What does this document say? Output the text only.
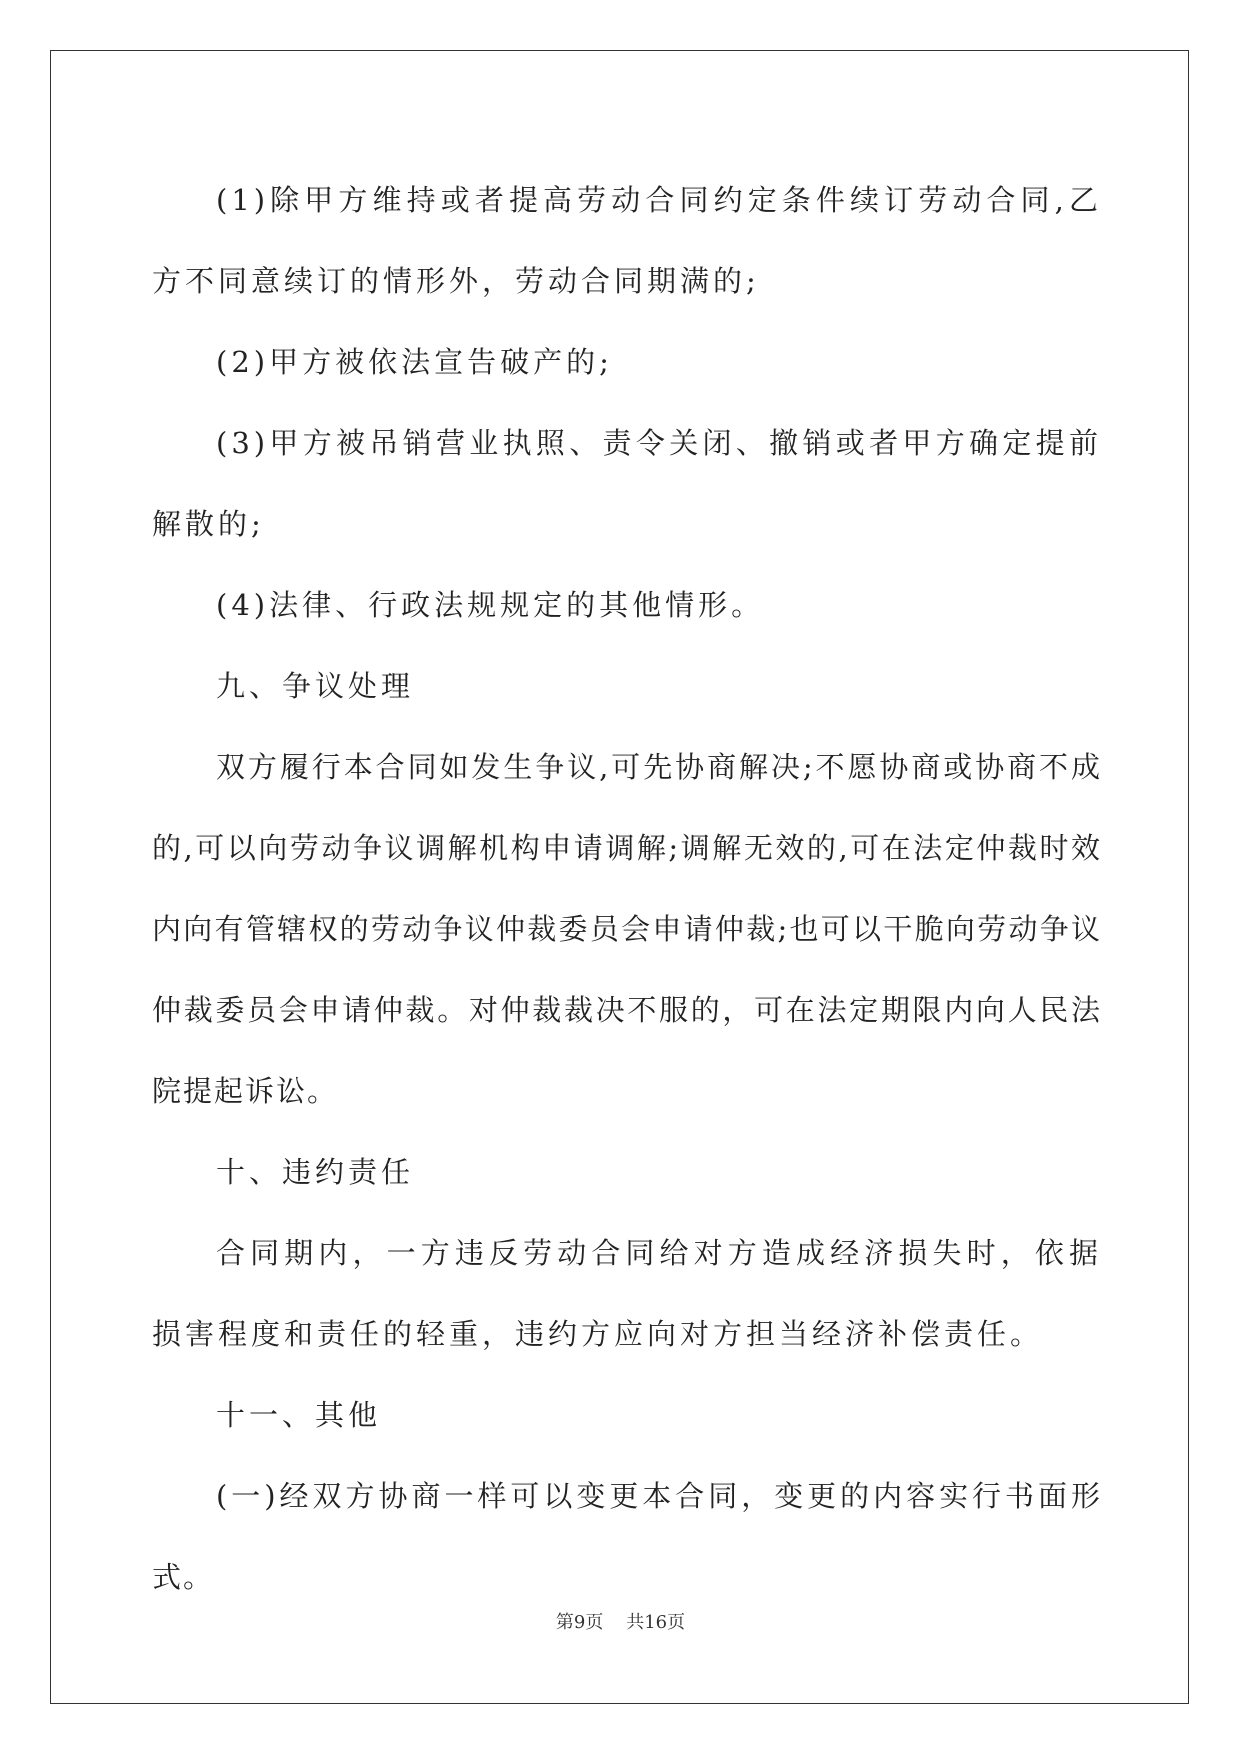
(1)除甲方维持或者提高劳动合同约定条件续订劳动合同,乙方不同意续订的情形外，劳动合同期满的;

(2)甲方被依法宣告破产的;

(3)甲方被吊销营业执照、责令关闭、撤销或者甲方确定提前解散的;

(4)法律、行政法规规定的其他情形。

九、争议处理

双方履行本合同如发生争议,可先协商解决;不愿协商或协商不成的,可以向劳动争议调解机构申请调解;调解无效的,可在法定仲裁时效内向有管辖权的劳动争议仲裁委员会申请仲裁;也可以干脆向劳动争议仲裁委员会申请仲裁。对仲裁裁决不服的，可在法定期限内向人民法院提起诉讼。

十、违约责任

合同期内，一方违反劳动合同给对方造成经济损失时，依据损害程度和责任的轻重，违约方应向对方担当经济补偿责任。

十一、其他

(一)经双方协商一样可以变更本合同，变更的内容实行书面形式。

第9页 共16页
